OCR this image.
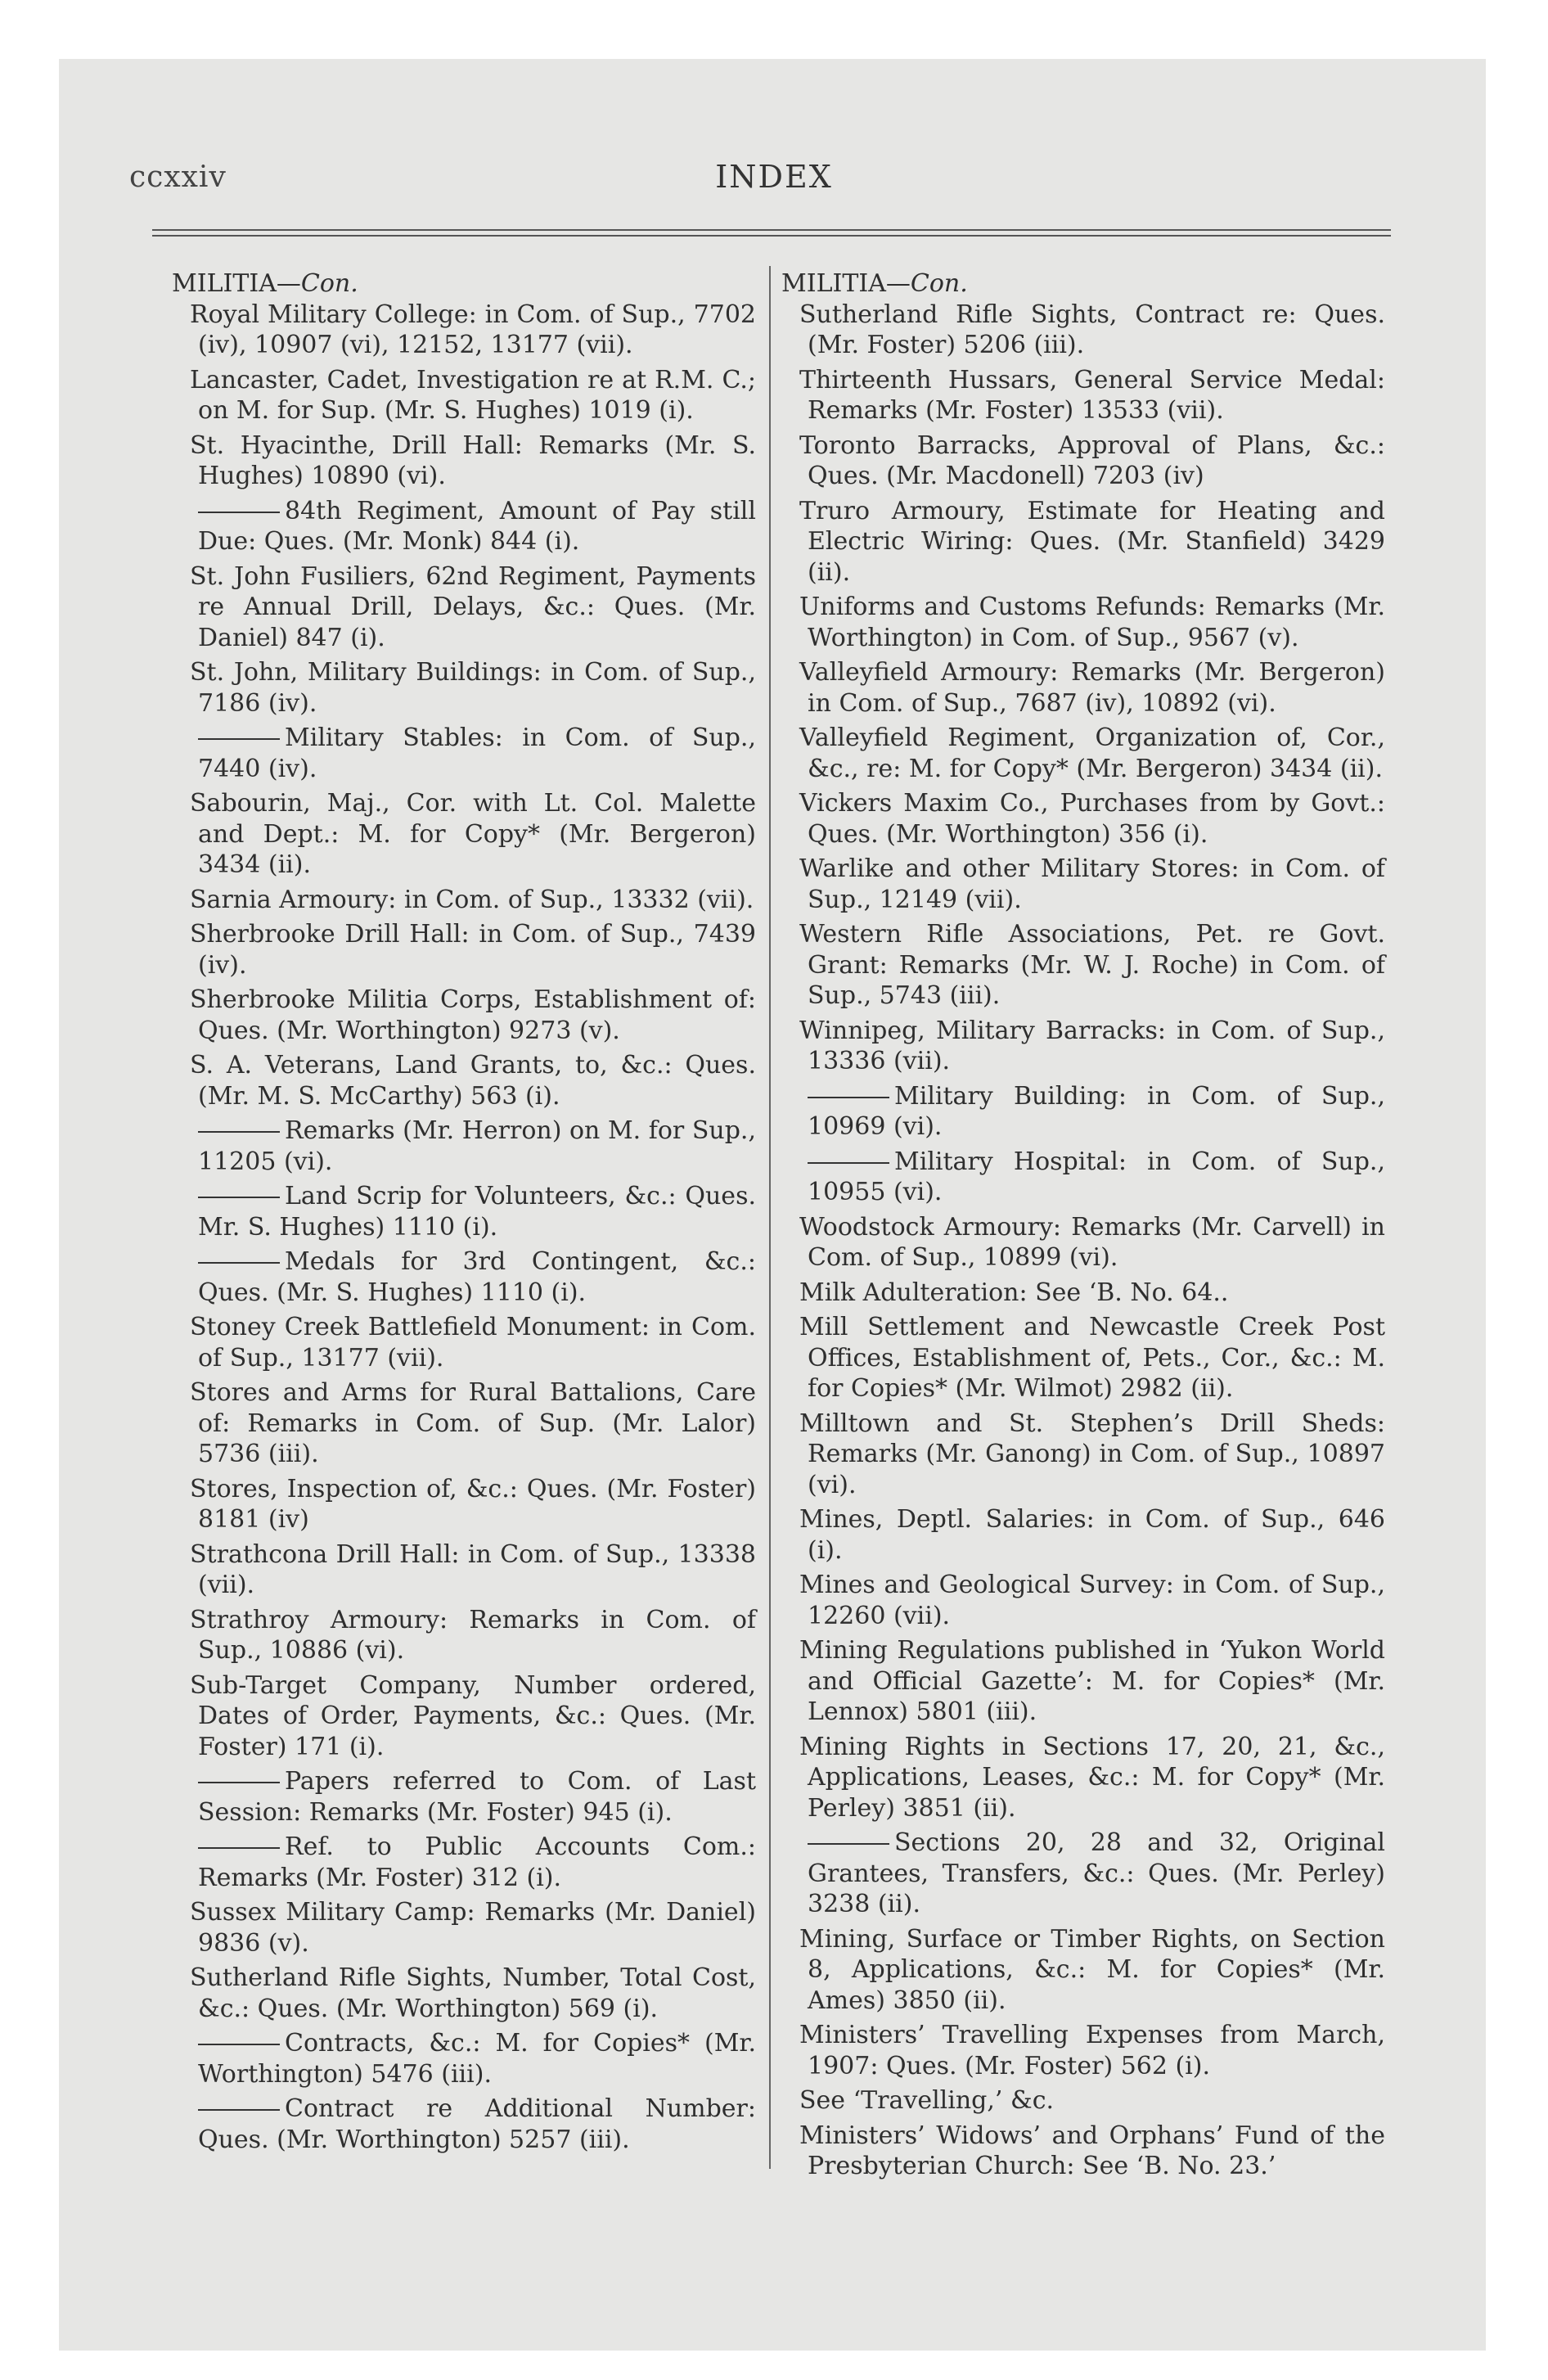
ccxxiv	INDEX
MILITIA—Con.

Royal Military College: in Com. of Sup., 7702 (iv), 10907 (vi), 12152, 13177 (vii).

Lancaster, Cadet, Investigation re at R.M. C.; on M. for Sup. (Mr. S. Hughes) 1019 (i).

St. Hyacinthe, Drill Hall: Remarks (Mr. S. Hughes) 10890 (vi).

84th Regiment, Amount of Pay still Due: Ques. (Mr. Monk) 844 (i).

St. John Fusiliers, 62nd Regiment, Payments re Annual Drill, Delays, &c.: Ques. (Mr. Daniel) 847 (i).

St. John, Military Buildings: in Com. of Sup., 7186 (iv).

Military Stables: in Com. of Sup., 7440 (iv).

Sabourin, Maj., Cor. with Lt. Col. Malette and Dept.: M. for Copy* (Mr. Bergeron) 3434 (ii).

Sarnia Armoury: in Com. of Sup., 13332 (vii).

Sherbrooke Drill Hall: in Com. of Sup., 7439 (iv).

Sherbrooke Militia Corps, Establishment of: Ques. (Mr. Worthington) 9273 (v).

S. A. Veterans, Land Grants, to, &c.: Ques. (Mr. M. S. McCarthy) 563 (i).

Remarks (Mr. Herron) on M. for Sup., 11205 (vi).

Land Scrip for Volunteers, &c.: Ques. Mr. S. Hughes) 1110 (i).

Medals for 3rd Contingent, &c.: Ques. (Mr. S. Hughes) 1110 (i).

Stoney Creek Battlefield Monument: in Com. of Sup., 13177 (vii).

Stores and Arms for Rural Battalions, Care of: Remarks in Com. of Sup. (Mr. Lalor) 5736 (iii).

Stores, Inspection of, &c.: Ques. (Mr. Foster) 8181 (iv)

Strathcona Drill Hall: in Com. of Sup., 13338 (vii).

Strathroy Armoury: Remarks in Com. of Sup., 10886 (vi).

Sub-Target Company, Number ordered, Dates of Order, Payments, &c.: Ques. (Mr. Foster) 171 (i).

Papers referred to Com. of Last Session: Remarks (Mr. Foster) 945 (i).

Ref. to Public Accounts Com.: Remarks (Mr. Foster) 312 (i).

Sussex Military Camp: Remarks (Mr. Daniel) 9836 (v).

Sutherland Rifle Sights, Number, Total Cost, &c.: Ques. (Mr. Worthington) 569 (i).

Contracts, &c.: M. for Copies* (Mr. Worthington) 5476 (iii).

Contract re Additional Number: Ques. (Mr. Worthington) 5257 (iii).

MILITIA—Con.

Sutherland Rifle Sights, Contract re: Ques. (Mr. Foster) 5206 (iii).

Thirteenth Hussars, General Service Medal: Remarks (Mr. Foster) 13533 (vii).

Toronto Barracks, Approval of Plans, &c.: Ques. (Mr. Macdonell) 7203 (iv)

Truro Armoury, Estimate for Heating and Electric Wiring: Ques. (Mr. Stanfield) 3429 (ii).

Uniforms and Customs Refunds: Remarks (Mr. Worthington) in Com. of Sup., 9567 (v).

Valleyfield Armoury: Remarks (Mr. Bergeron) in Com. of Sup., 7687 (iv), 10892 (vi).

Valleyfield Regiment, Organization of, Cor., &c., re: M. for Copy* (Mr. Bergeron) 3434 (ii).

Vickers Maxim Co., Purchases from by Govt.: Ques. (Mr. Worthington) 356 (i).

Warlike and other Military Stores: in Com. of Sup., 12149 (vii).

Western Rifle Associations, Pet. re Govt. Grant: Remarks (Mr. W. J. Roche) in Com. of Sup., 5743 (iii).

Winnipeg, Military Barracks: in Com. of Sup., 13336 (vii).

Military Building: in Com. of Sup., 10969 (vi).

Military Hospital: in Com. of Sup., 10955 (vi).

Woodstock Armoury: Remarks (Mr. Carvell) in Com. of Sup., 10899 (vi).

Milk Adulteration: See ‘B. No. 64..

Mill Settlement and Newcastle Creek Post Offices, Establishment of, Pets., Cor., &c.: M. for Copies* (Mr. Wilmot) 2982 (ii).

Milltown and St. Stephen’s Drill Sheds: Remarks (Mr. Ganong) in Com. of Sup., 10897 (vi).

Mines, Deptl. Salaries: in Com. of Sup., 646 (i).

Mines and Geological Survey: in Com. of Sup., 12260 (vii).

Mining Regulations published in ‘Yukon World and Official Gazette’: M. for Copies* (Mr. Lennox) 5801 (iii).

Mining Rights in Sections 17, 20, 21, &c., Applications, Leases, &c.: M. for Copy* (Mr. Perley) 3851 (ii).

Sections 20, 28 and 32, Original Grantees, Transfers, &c.: Ques. (Mr. Perley) 3238 (ii).

Mining, Surface or Timber Rights, on Section 8, Applications, &c.: M. for Copies* (Mr. Ames) 3850 (ii).

Ministers’ Travelling Expenses from March, 1907: Ques. (Mr. Foster) 562 (i).

See ‘Travelling,’ &c.

Ministers’ Widows’ and Orphans’ Fund of the Presbyterian Church: See ‘B. No. 23.’
